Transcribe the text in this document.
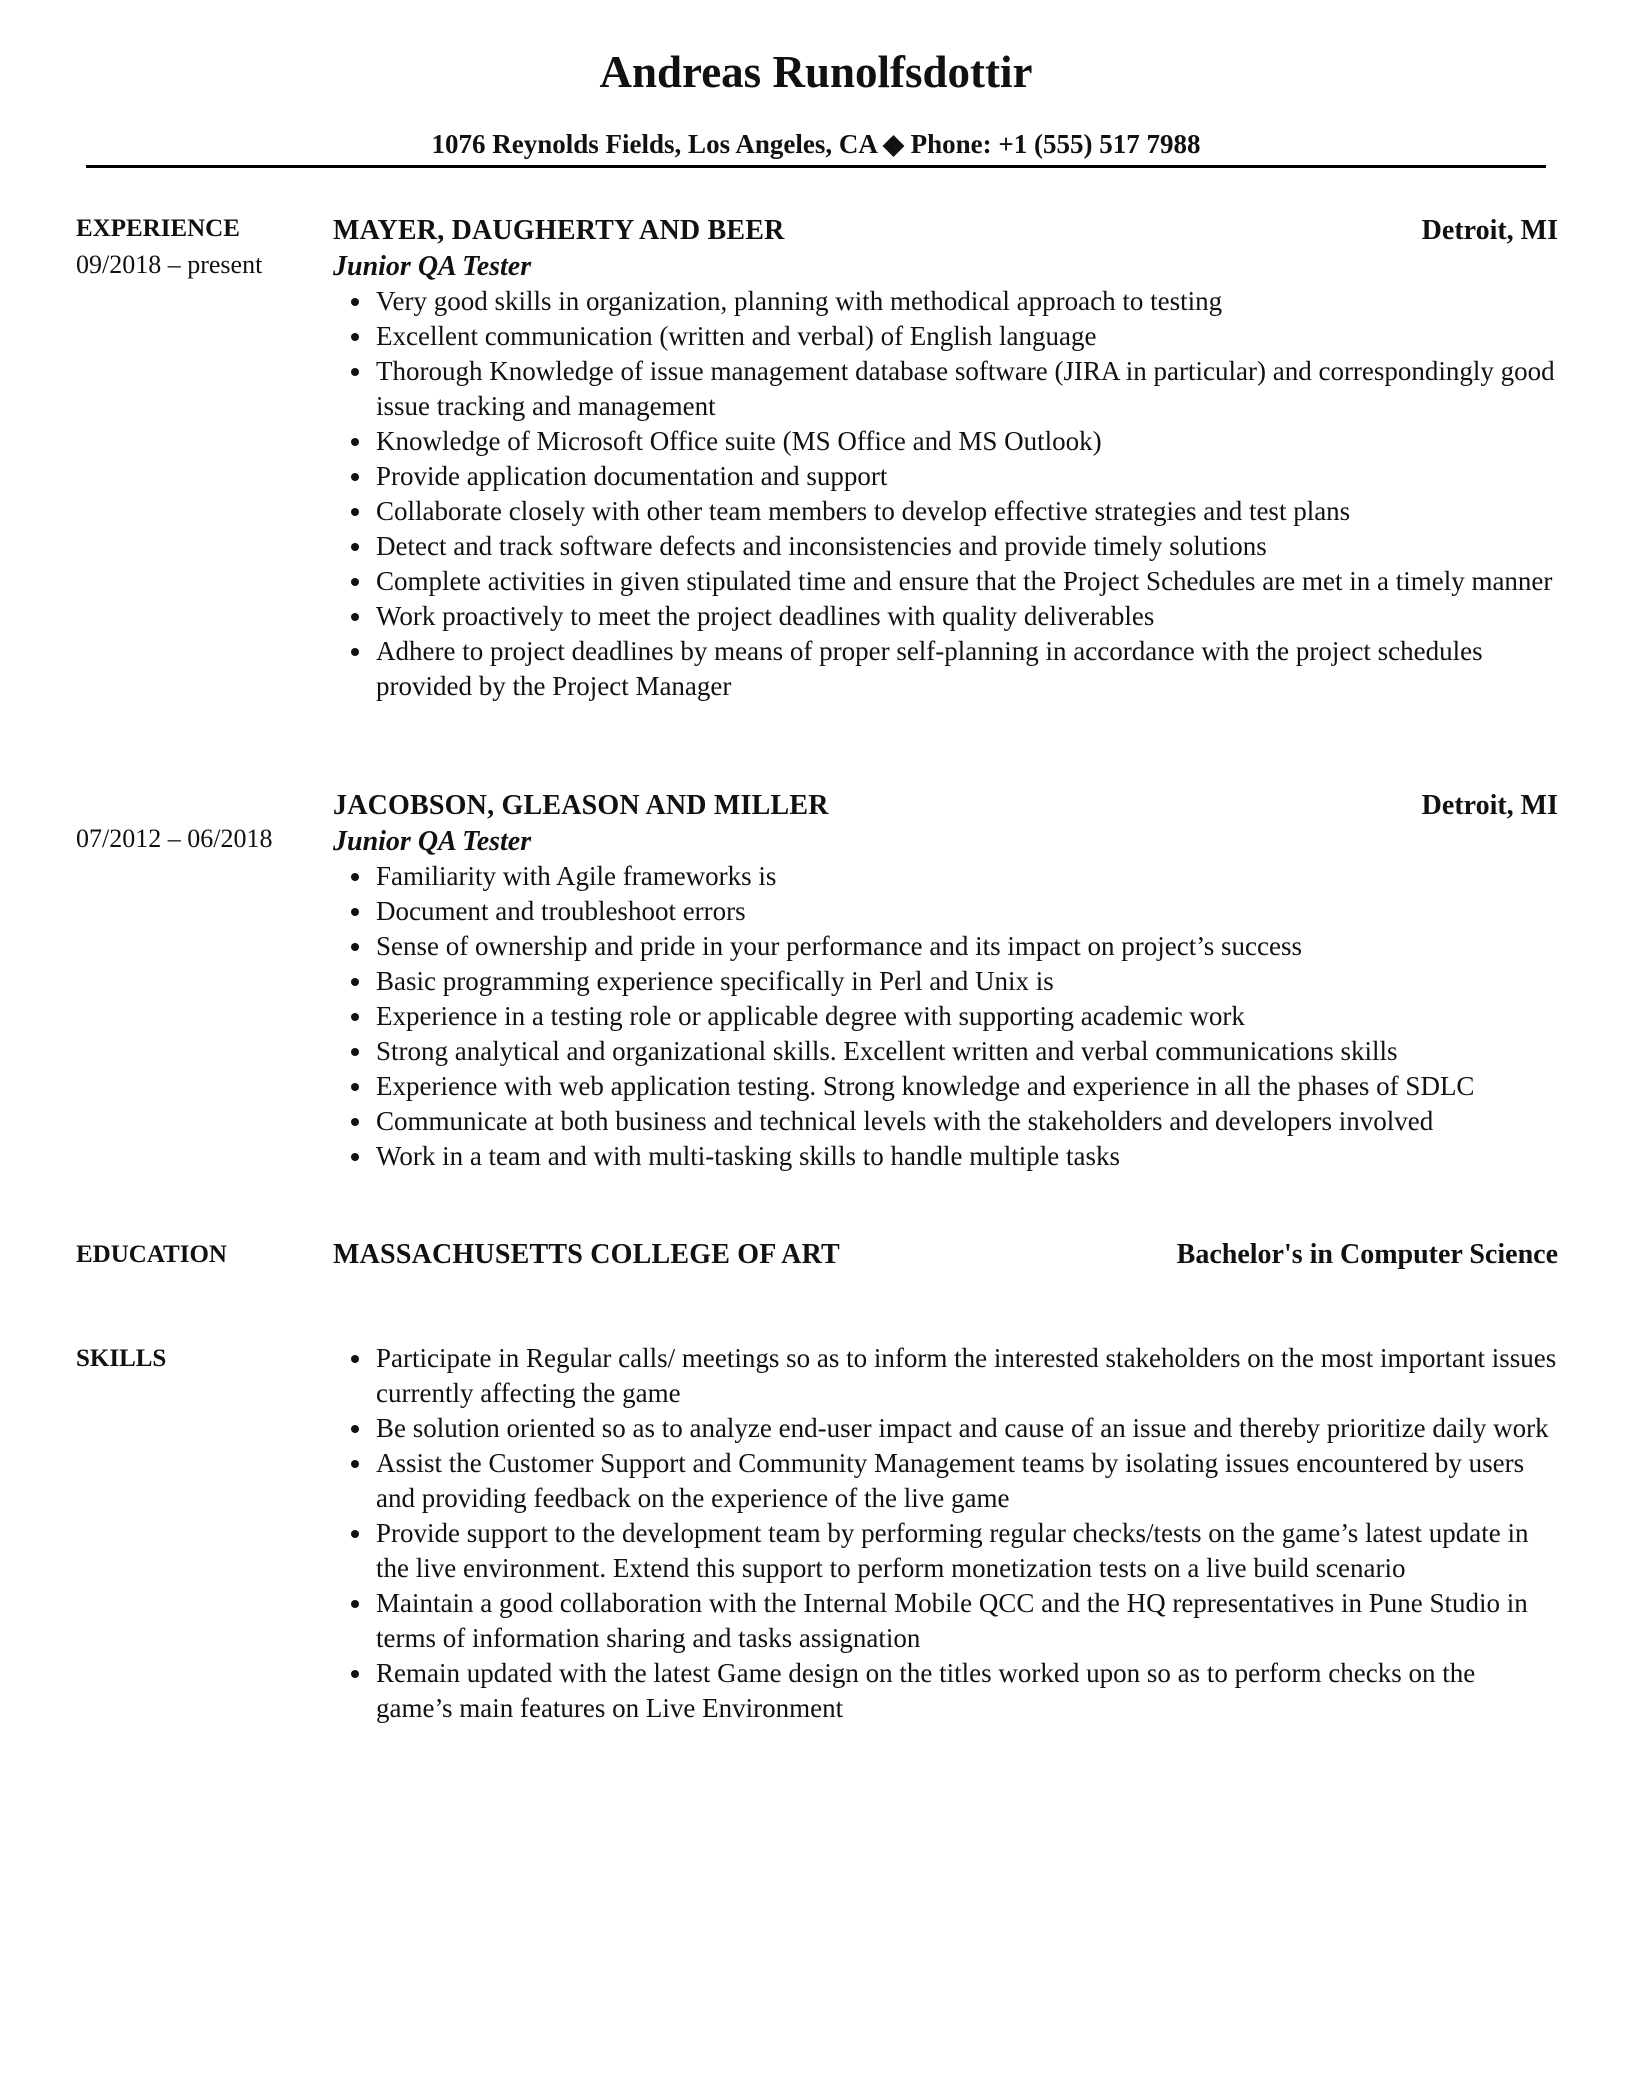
Andreas Runolfsdottir
1076 Reynolds Fields, Los Angeles, CA ◆ Phone: +1 (555) 517 7988
EXPERIENCE
09/2018 – present
MAYER, DAUGHERTY AND BEER	Detroit, MI
Junior QA Tester
Very good skills in organization, planning with methodical approach to testing
Excellent communication (written and verbal) of English language
Thorough Knowledge of issue management database software (JIRA in particular) and correspondingly good issue tracking and management
Knowledge of Microsoft Office suite (MS Office and MS Outlook)
Provide application documentation and support
Collaborate closely with other team members to develop effective strategies and test plans
Detect and track software defects and inconsistencies and provide timely solutions
Complete activities in given stipulated time and ensure that the Project Schedules are met in a timely manner
Work proactively to meet the project deadlines with quality deliverables
Adhere to project deadlines by means of proper self-planning in accordance with the project schedules provided by the Project Manager
07/2012 – 06/2018
JACOBSON, GLEASON AND MILLER	Detroit, MI
Junior QA Tester
Familiarity with Agile frameworks is
Document and troubleshoot errors
Sense of ownership and pride in your performance and its impact on project’s success
Basic programming experience specifically in Perl and Unix is
Experience in a testing role or applicable degree with supporting academic work
Strong analytical and organizational skills. Excellent written and verbal communications skills
Experience with web application testing. Strong knowledge and experience in all the phases of SDLC
Communicate at both business and technical levels with the stakeholders and developers involved
Work in a team and with multi-tasking skills to handle multiple tasks
EDUCATION	MASSACHUSETTS COLLEGE OF ART	Bachelor's in Computer Science
SKILLS	Participate in Regular calls/ meetings so as to inform the interested stakeholders on the most important issues currently affecting the game
Be solution oriented so as to analyze end-user impact and cause of an issue and thereby prioritize daily work
Assist the Customer Support and Community Management teams by isolating issues encountered by users and providing feedback on the experience of the live game
Provide support to the development team by performing regular checks/tests on the game’s latest update in the live environment. Extend this support to perform monetization tests on a live build scenario
Maintain a good collaboration with the Internal Mobile QCC and the HQ representatives in Pune Studio in terms of information sharing and tasks assignation
Remain updated with the latest Game design on the titles worked upon so as to perform checks on the game’s main features on Live Environment
